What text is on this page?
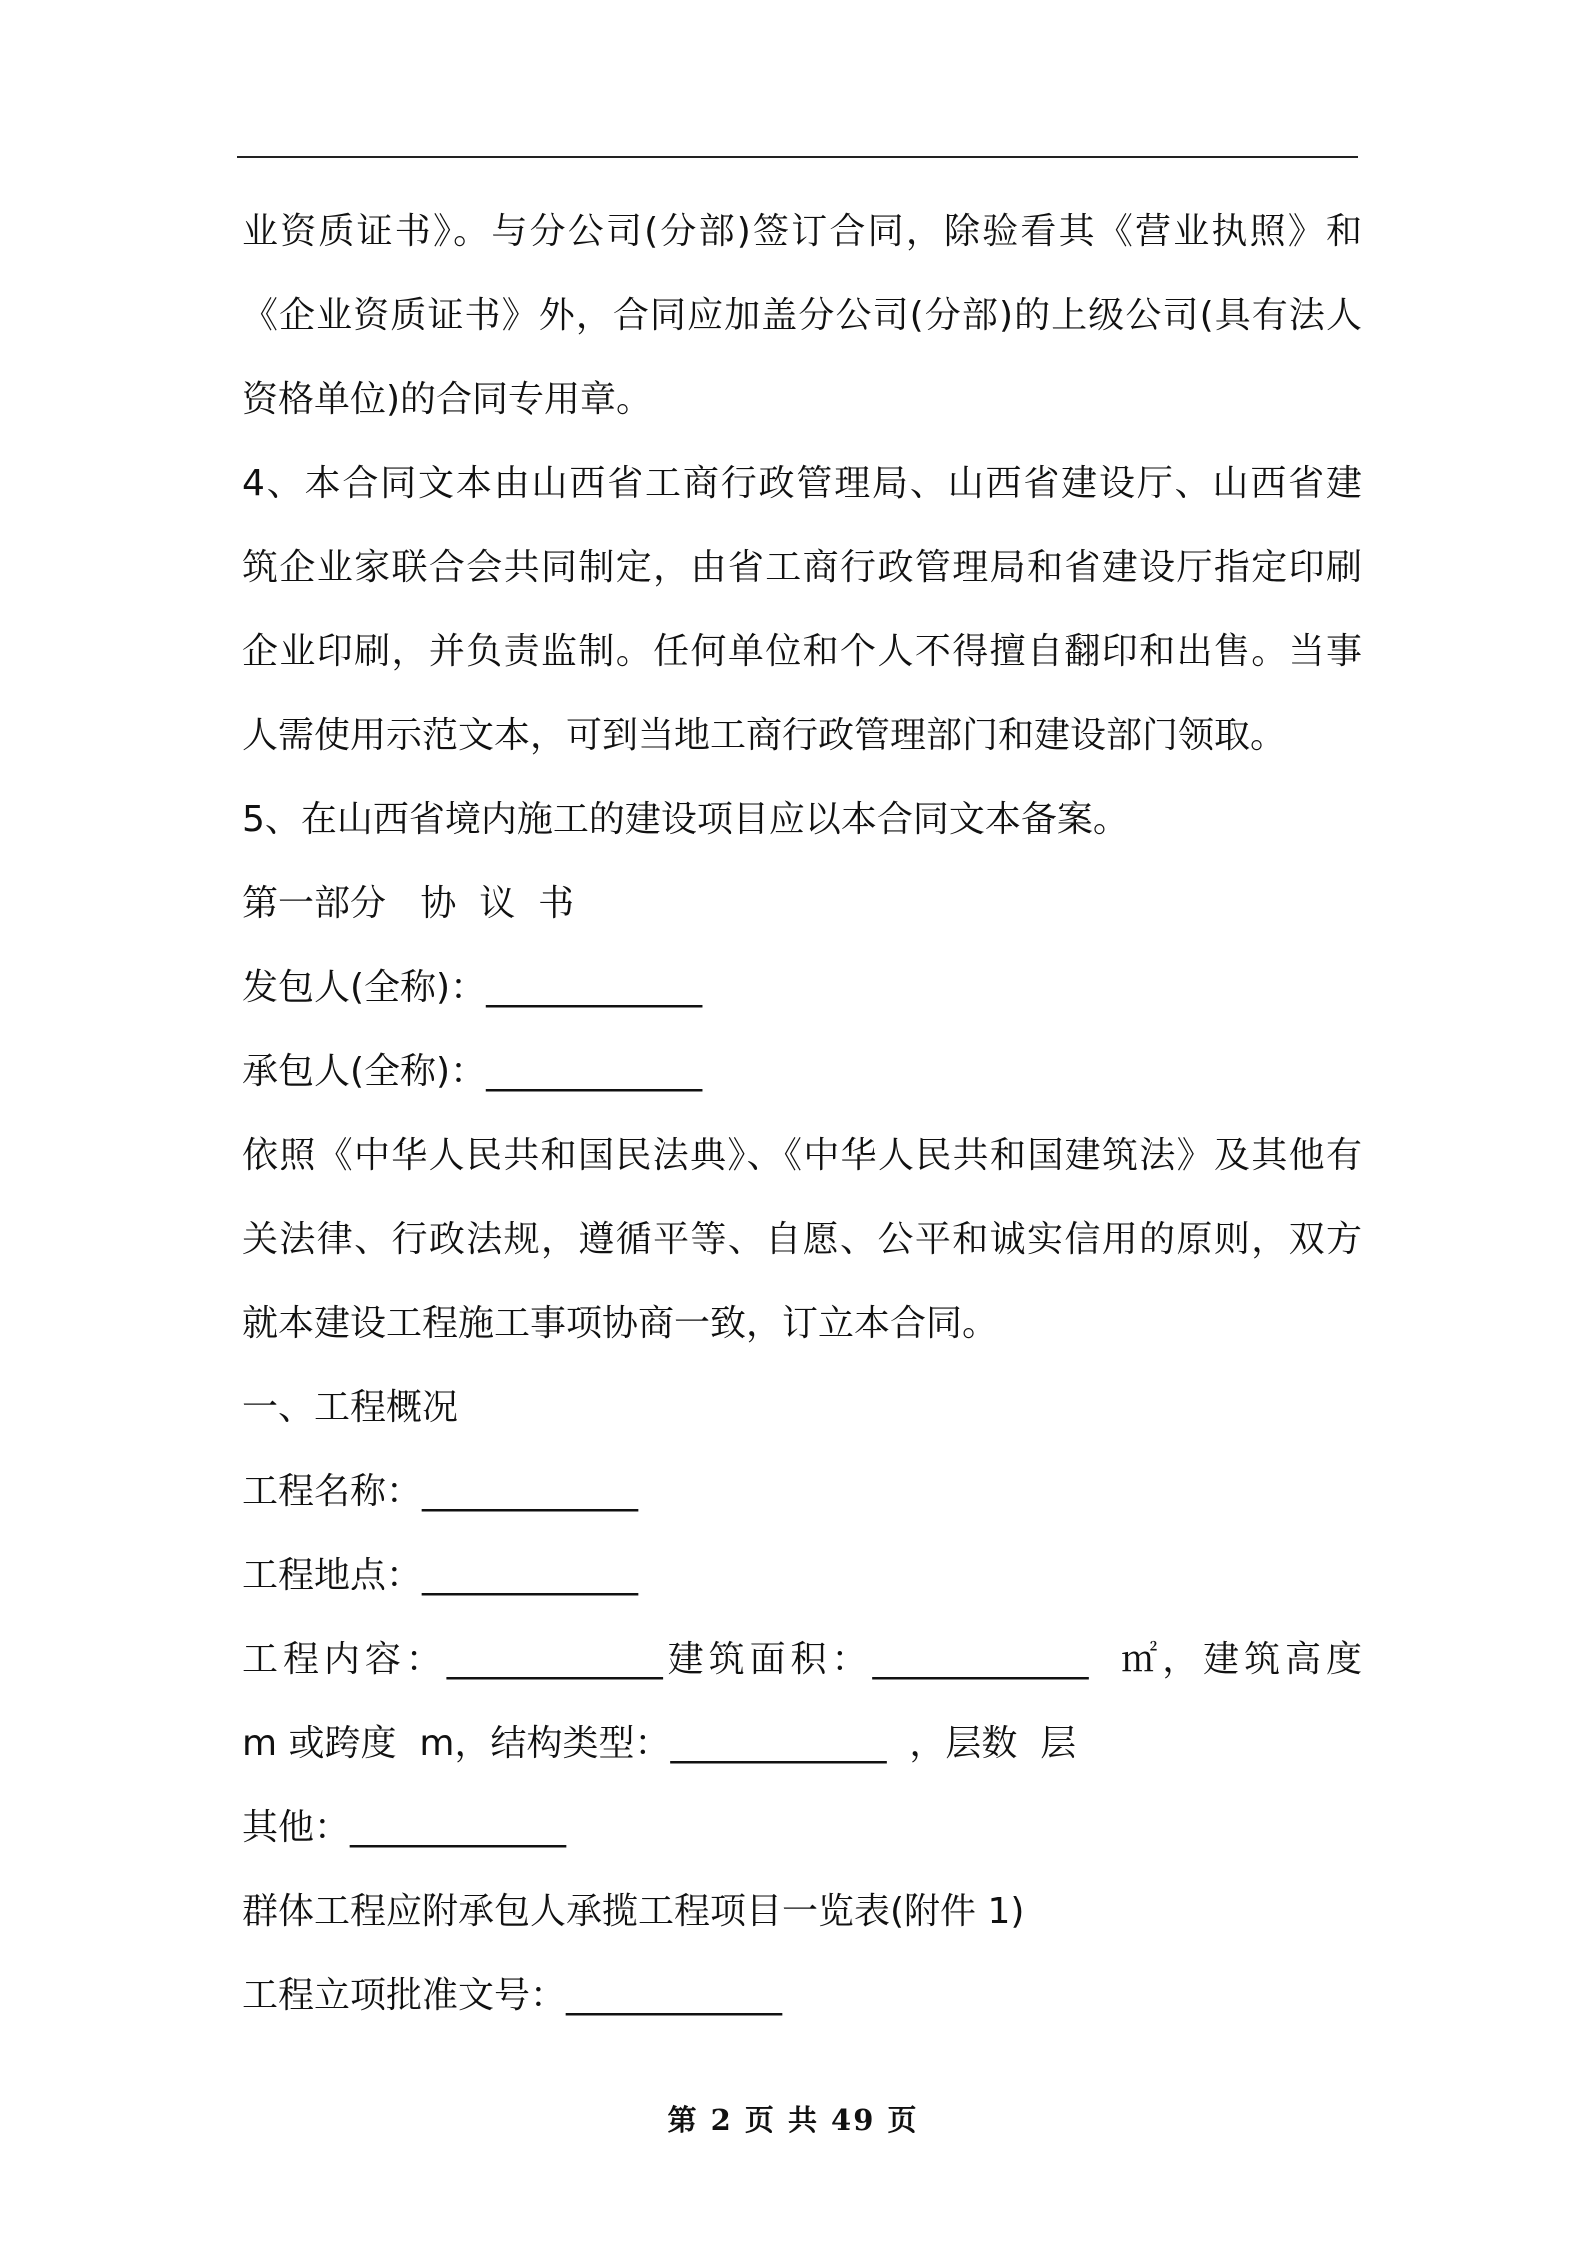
业资质证书》。与分公司(分部)签订合同，除验看其《营业执照》和
《企业资质证书》外，合同应加盖分公司(分部)的上级公司(具有法人
资格单位)的合同专用章。
4、本合同文本由山西省工商行政管理局、山西省建设厅、山西省建
筑企业家联合会共同制定，由省工商行政管理局和省建设厅指定印刷
企业印刷，并负责监制。任何单位和个人不得擅自翻印和出售。当事
人需使用示范文本，可到当地工商行政管理部门和建设部门领取。
5、在山西省境内施工的建设项目应以本合同文本备案。
第一部分   协  议  书
发包人(全称)：____________
承包人(全称)：____________
依照《中华人民共和国民法典》、《中华人民共和国建筑法》及其他有
关法律、行政法规，遵循平等、自愿、公平和诚实信用的原则，双方
就本建设工程施工事项协商一致，订立本合同。
一、工程概况
工程名称：____________
工程地点：____________
工程内容：____________建筑面积：____________  ㎡，建筑高度
m 或跨度  m，结构类型：____________  ，层数  层
其他：____________
群体工程应附承包人承揽工程项目一览表(附件 1)
工程立项批准文号：____________
第 2 页 共 49 页
